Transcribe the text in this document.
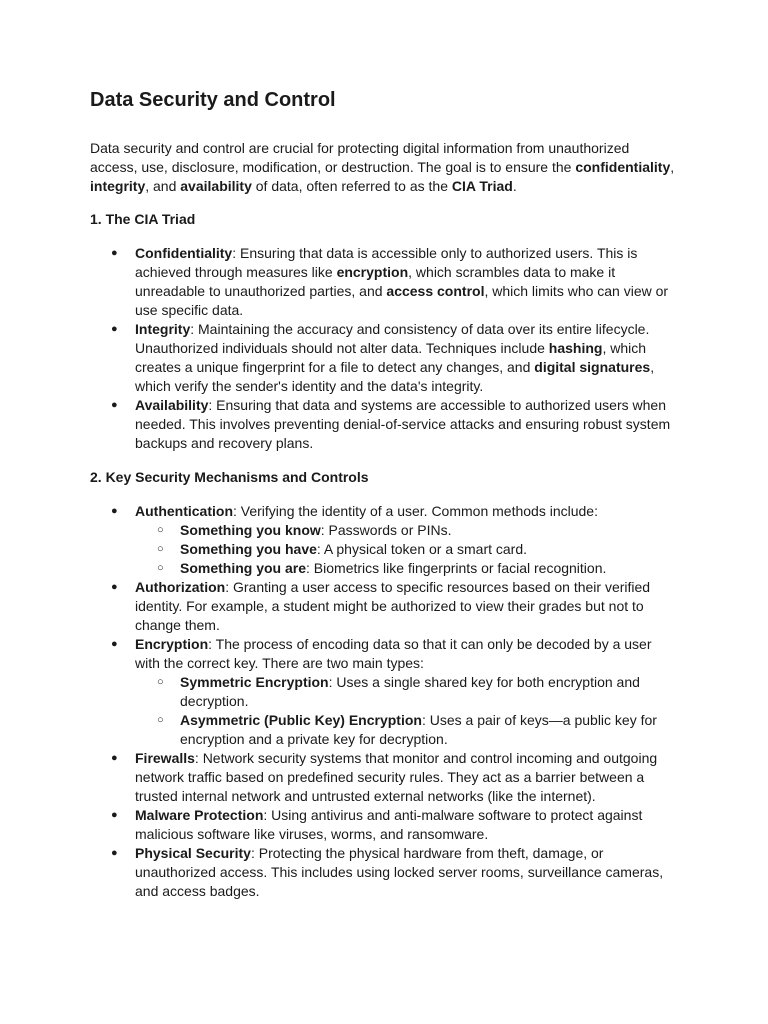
Data Security and Control

Data security and control are crucial for protecting digital information from unauthorized access, use, disclosure, modification, or destruction. The goal is to ensure the confidentiality, integrity, and availability of data, often referred to as the CIA Triad.

1. The CIA Triad
● Confidentiality: Ensuring that data is accessible only to authorized users. This is achieved through measures like encryption, which scrambles data to make it unreadable to unauthorized parties, and access control, which limits who can view or use specific data.
● Integrity: Maintaining the accuracy and consistency of data over its entire lifecycle. Unauthorized individuals should not alter data. Techniques include hashing, which creates a unique fingerprint for a file to detect any changes, and digital signatures, which verify the sender's identity and the data's integrity.
● Availability: Ensuring that data and systems are accessible to authorized users when needed. This involves preventing denial-of-service attacks and ensuring robust system backups and recovery plans.
2. Key Security Mechanisms and Controls
● Authentication: Verifying the identity of a user. Common methods include:
○ Something you know: Passwords or PINs.
○ Something you have: A physical token or a smart card.
○ Something you are: Biometrics like fingerprints or facial recognition.
● Authorization: Granting a user access to specific resources based on their verified identity. For example, a student might be authorized to view their grades but not to change them.
● Encryption: The process of encoding data so that it can only be decoded by a user with the correct key. There are two main types:
○ Symmetric Encryption: Uses a single shared key for both encryption and decryption.
○ Asymmetric (Public Key) Encryption: Uses a pair of keys—a public key for encryption and a private key for decryption.
● Firewalls: Network security systems that monitor and control incoming and outgoing network traffic based on predefined security rules. They act as a barrier between a trusted internal network and untrusted external networks (like the internet).
● Malware Protection: Using antivirus and anti-malware software to protect against malicious software like viruses, worms, and ransomware.
● Physical Security: Protecting the physical hardware from theft, damage, or unauthorized access. This includes using locked server rooms, surveillance cameras, and access badges.
